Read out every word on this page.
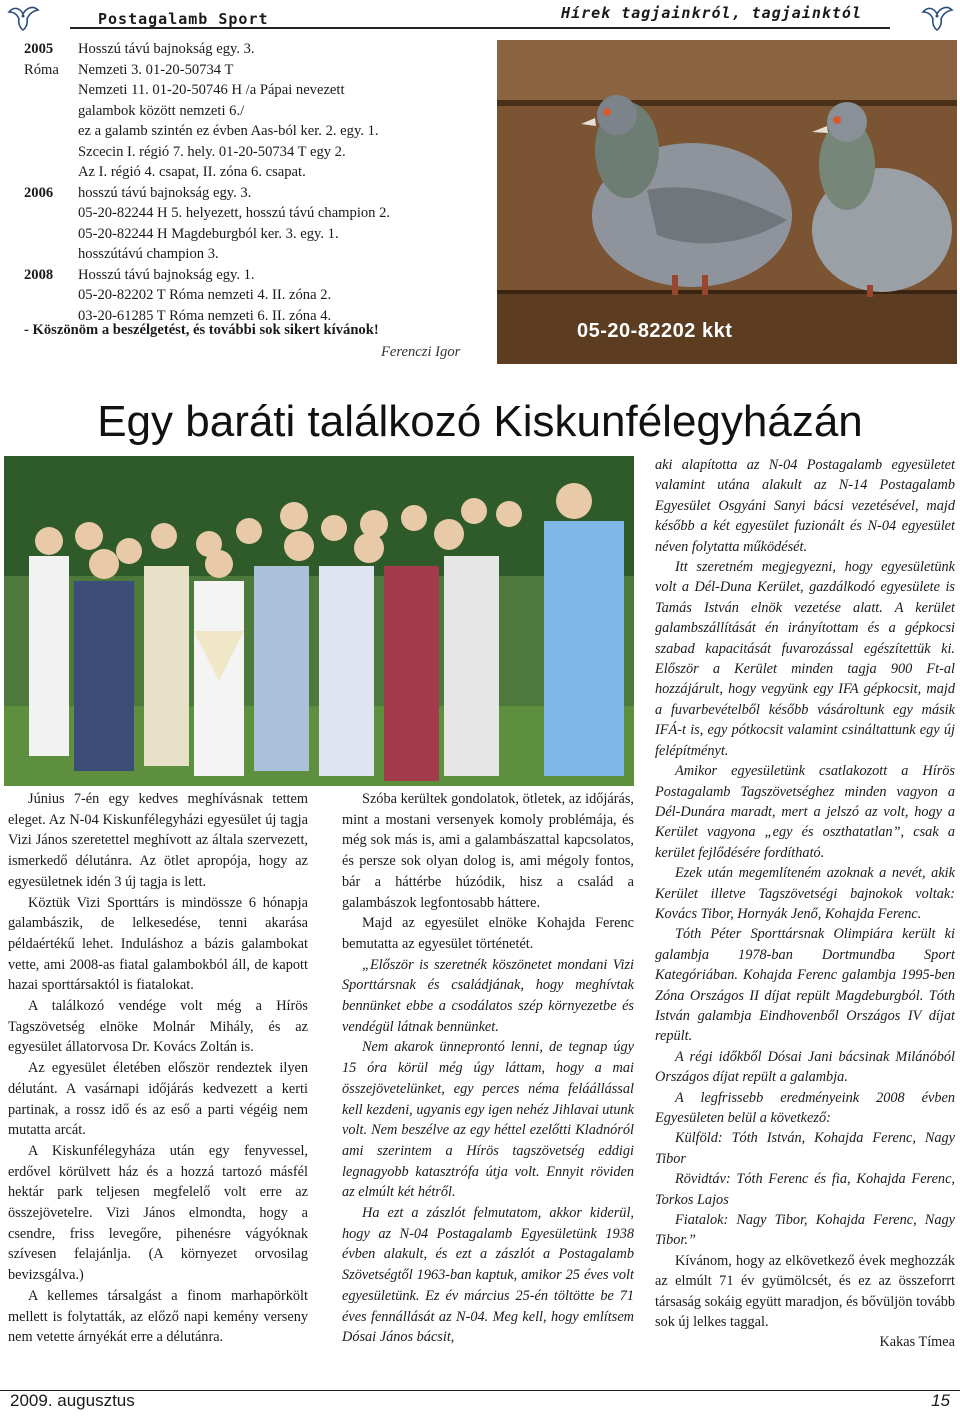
Postagalamb Sport	Hírek tagjainkról, tagjainktól
2005	Hosszú távú bajnokság egy. 3.
Róma	Nemzeti 3. 01-20-50734 T
Nemzeti 11. 01-20-50746 H /a Pápai nevezett
galambok között nemzeti 6./
ez a galamb szintén ez évben Aas-ból ker. 2. egy. 1.
Szcecin I. régió 7. hely. 01-20-50734 T egy 2.
Az I. régió 4. csapat, II. zóna 6. csapat.
2006	hosszú távú bajnokság egy. 3.
05-20-82244 H 5. helyezett, hosszú távú champion 2.
05-20-82244 H Magdeburgból ker. 3. egy. 1.
hosszútávú champion 3.
2008	Hosszú távú bajnokság egy. 1.
05-20-82202 T Róma nemzeti 4. II. zóna 2.
03-20-61285 T Róma nemzeti 6. II. zóna 4.
- Köszönöm a beszélgetést, és további sok sikert kívánok!
Ferenczi Igor
05-20-82202 kkt
Egy baráti találkozó Kiskunfélegyházán

Június 7-én egy kedves meghívásnak tettem eleget. Az N-04 Kiskunfélegyházi egyesület új tagja Vizi János szeretettel meghívott az általa szervezett, ismerkedő délutánra. Az ötlet apropója, hogy az egyesületnek idén 3 új tagja is lett.

Köztük Vizi Sporttárs is mindössze 6 hónapja galambászik, de lelkesedése, tenni akarása példaértékű lehet. Induláshoz a bázis galambokat vette, ami 2008-as fiatal galambokból áll, de kapott hazai sporttársaktól is fiatalokat.

A találkozó vendége volt még a Hírös Tagszövetség elnöke Molnár Mihály, és az egyesület állatorvosa Dr. Kovács Zoltán is.

Az egyesület életében először rendeztek ilyen délutánt. A vasárnapi időjárás kedvezett a kerti partinak, a rossz idő és az eső a parti végéig nem mutatta arcát.

A Kiskunfélegyháza után egy fenyvessel, erdővel körülvett ház és a hozzá tartozó másfél hektár park teljesen megfelelő volt erre az összejövetelre. Vizi János elmondta, hogy a csendre, friss levegőre, pihenésre vágyóknak szívesen felajánlja. (A környezet orvosilag bevizsgálva.)

A kellemes társalgást a finom marhapörkölt mellett is folytatták, az előző napi kemény verseny nem vetette árnyékát erre a délutánra.

Szóba kerültek gondolatok, ötletek, az időjárás, mint a mostani versenyek komoly problémája, és még sok más is, ami a galambászattal kapcsolatos, és persze sok olyan dolog is, ami mégoly fontos, bár a háttérbe húzódik, hisz a család a galambászok legfontosabb háttere.

Majd az egyesület elnöke Kohajda Ferenc bemutatta az egyesület történetét.

„Először is szeretnék köszönetet mondani Vizi Sporttársnak és családjának, hogy meghívtak bennünket ebbe a csodálatos szép környezetbe és vendégül látnak bennünket.

Nem akarok ünneprontó lenni, de tegnap úgy 15 óra körül még úgy láttam, hogy a mai összejövetelünket, egy perces néma feláállással kell kezdeni, ugyanis egy igen nehéz Jihlavai utunk volt. Nem beszélve az egy héttel ezelőtti Kladnóról ami szerintem a Hírös tagszövetség eddigi legnagyobb katasztrófa útja volt. Ennyit röviden az elmúlt két hétről.

Ha ezt a zászlót felmutatom, akkor kiderül, hogy az N-04 Postagalamb Egyesületünk 1938 évben alakult, és ezt a zászlót a Postagalamb Szövetségtől 1963-ban kaptuk, amikor 25 éves volt egyesületünk. Ez év március 25-én töltötte be 71 éves fennállását az N-04. Meg kell, hogy említsem Dósai János bácsit,

aki alapította az N-04 Postagalamb egyesületet valamint utána alakult az N-14 Postagalamb Egyesület Osgyáni Sanyi bácsi vezetésével, majd később a két egyesület fuzionált és N-04 egyesület néven folytatta működését.

Itt szeretném megjegyezni, hogy egyesületünk volt a Dél-Duna Kerület, gazdálkodó egyesülete is Tamás István elnök vezetése alatt. A kerület galambszállítását én irányítottam és a gépkocsi szabad kapacitását fuvarozással egészítettük ki. Először a Kerület minden tagja 900 Ft-al hozzájárult, hogy vegyünk egy IFA gépkocsit, majd a fuvarbevételből később vásároltunk egy másik IFÁ-t is, egy pótkocsit valamint csináltattunk egy új felépítményt.

Amikor egyesületünk csatlakozott a Hírös Postagalamb Tagszövetséghez minden vagyon a Dél-Dunára maradt, mert a jelszó az volt, hogy a Kerület vagyona „egy és oszthatatlan”, csak a kerület fejlődésére fordítható.

Ezek után megemlíteném azoknak a nevét, akik Kerület illetve Tagszövetségi bajnokok voltak: Kovács Tibor, Hornyák Jenő, Kohajda Ferenc.

Tóth Péter Sporttársnak Olimpiára került ki galambja 1978-ban Dortmundba Sport Kategóriában. Kohajda Ferenc galambja 1995-ben Zóna Országos II díjat repült Magdeburgból. Tóth István galambja Eindhovenből Országos IV díjat repült.

A régi időkből Dósai Jani bácsinak Milánóból Országos díjat repült a galambja.

A legfrissebb eredményeink 2008 évben Egyesületen belül a következő:

Külföld: Tóth István, Kohajda Ferenc, Nagy Tibor

Rövidtáv: Tóth Ferenc és fia, Kohajda Ferenc, Torkos Lajos

Fiatalok: Nagy Tibor, Kohajda Ferenc, Nagy Tibor.”

Kívánom, hogy az elkövetkező évek meghozzák az elmúlt 71 év gyümölcsét, és ez az összeforrt társaság sokáig együtt maradjon, és bővüljön tovább sok új lelkes taggal.

Kakas Tímea

2009. augusztus	15
